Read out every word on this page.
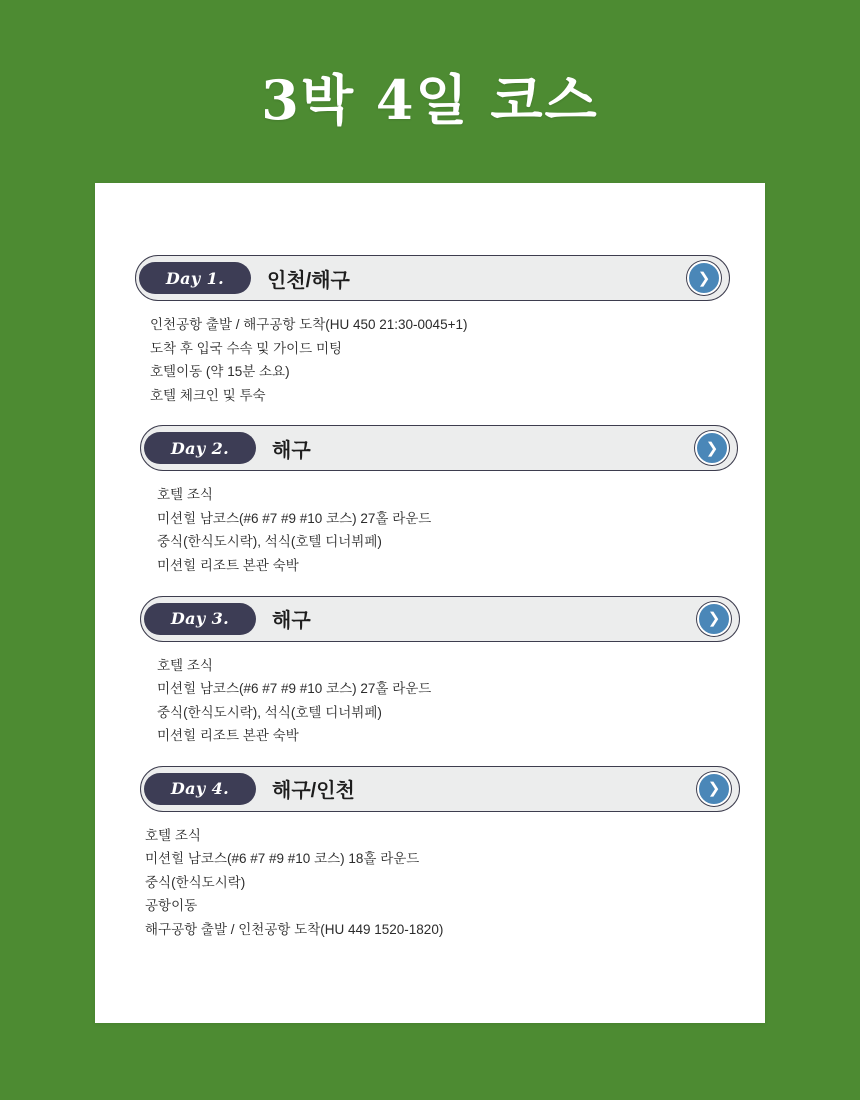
3박 4일 코스
Day 1.	인천/해구	❯

인천공항 출발 / 해구공항 도착(HU 450 21:30-0045+1)

도착 후 입국 수속 및 가이드 미팅

호텔이동 (약 15분 소요)

호텔 체크인 및 투숙

Day 2.	해구	❯

호텔 조식

미션힐 남코스(#6 #7 #9 #10 코스) 27홀 라운드

중식(한식도시락), 석식(호텔 디너뷔페)

미션힐 리조트 본관 숙박

Day 3.	해구	❯

호텔 조식

미션힐 남코스(#6 #7 #9 #10 코스) 27홀 라운드

중식(한식도시락), 석식(호텔 디너뷔페)

미션힐 리조트 본관 숙박

Day 4.	해구/인천	❯

호텔 조식

미션힐 남코스(#6 #7 #9 #10 코스) 18홀 라운드

중식(한식도시락)

공항이동

해구공항 출발 / 인천공항 도착(HU 449 1520-1820)
